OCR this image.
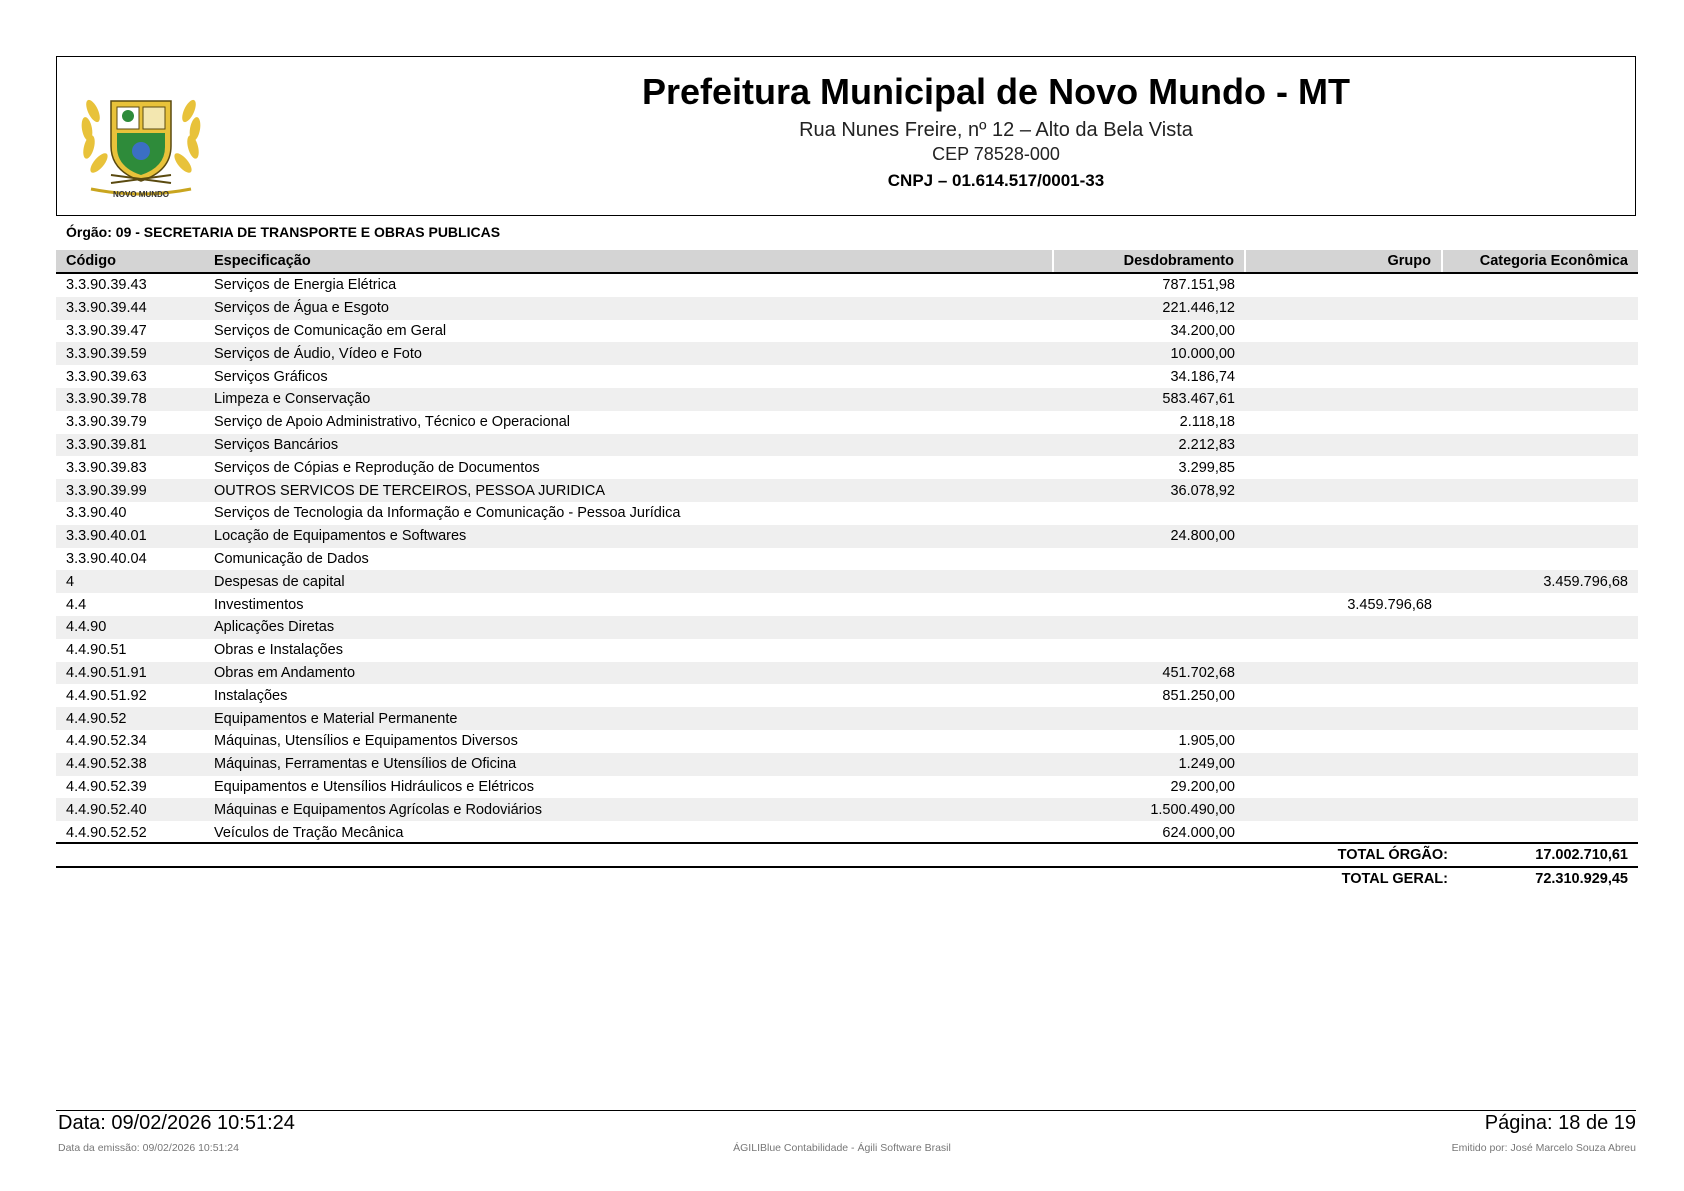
NOVO MUNDO
Prefeitura Municipal de Novo Mundo - MT
Rua Nunes Freire, nº 12 – Alto da Bela Vista
CEP 78528-000
CNPJ – 01.614.517/0001-33
Órgão: 09 - SECRETARIA DE TRANSPORTE E OBRAS PUBLICAS
Código	Especificação	Desdobramento	Grupo	Categoria Econômica
3.3.90.39.43	Serviços de Energia Elétrica	787.151,98		
3.3.90.39.44	Serviços de Água e Esgoto	221.446,12		
3.3.90.39.47	Serviços de Comunicação em Geral	34.200,00		
3.3.90.39.59	Serviços de Áudio, Vídeo e Foto	10.000,00		
3.3.90.39.63	Serviços Gráficos	34.186,74		
3.3.90.39.78	Limpeza e Conservação	583.467,61		
3.3.90.39.79	Serviço de Apoio Administrativo, Técnico e Operacional	2.118,18		
3.3.90.39.81	Serviços Bancários	2.212,83		
3.3.90.39.83	Serviços de Cópias e Reprodução de Documentos	3.299,85		
3.3.90.39.99	OUTROS SERVICOS DE TERCEIROS, PESSOA JURIDICA	36.078,92		
3.3.90.40	Serviços de Tecnologia da Informação e Comunicação - Pessoa Jurídica			
3.3.90.40.01	Locação de Equipamentos e Softwares	24.800,00		
3.3.90.40.04	Comunicação de Dados			
4	Despesas de capital			3.459.796,68
4.4	Investimentos		3.459.796,68	
4.4.90	Aplicações Diretas			
4.4.90.51	Obras e Instalações			
4.4.90.51.91	Obras em Andamento	451.702,68		
4.4.90.51.92	Instalações	851.250,00		
4.4.90.52	Equipamentos e Material Permanente			
4.4.90.52.34	Máquinas, Utensílios e Equipamentos Diversos	1.905,00		
4.4.90.52.38	Máquinas, Ferramentas e Utensílios de Oficina	1.249,00		
4.4.90.52.39	Equipamentos e Utensílios Hidráulicos e Elétricos	29.200,00		
4.4.90.52.40	Máquinas e Equipamentos Agrícolas e Rodoviários	1.500.490,00		
4.4.90.52.52	Veículos de Tração Mecânica	624.000,00		
TOTAL ÓRGÃO:	17.002.710,61
TOTAL GERAL:	72.310.929,45
Data: 09/02/2026 10:51:24	Página: 18 de 19
Data da emissão: 09/02/2026 10:51:24	ÁGILIBlue Contabilidade - Ágili Software Brasil	Emitido por: José Marcelo Souza Abreu
